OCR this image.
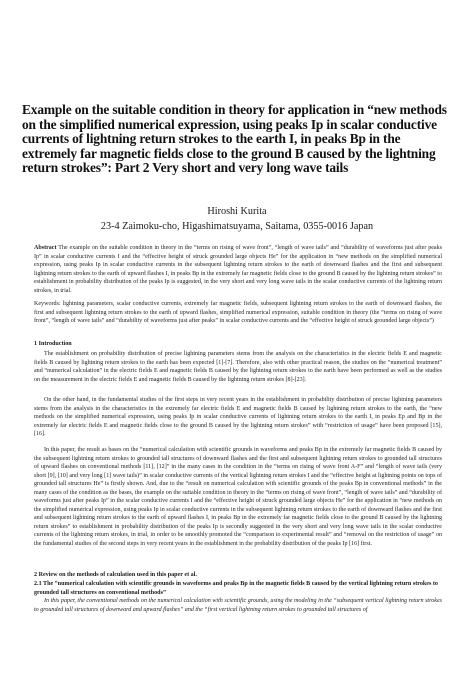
Example on the suitable condition in theory for application in “new methods on the simplified numerical expression, using peaks Ip in scalar conductive currents of lightning return strokes to the earth I, in peaks Bp in the extremely far magnetic fields close to the ground B caused by the lightning return strokes”: Part 2 Very short and very long wave tails

Hiroshi Kurita

23-4 Zaimoku-cho, Higashimatsuyama, Saitama, 0355-0016 Japan

Abstract The example on the suitable condition in theory in the “terms on rising of wave front”, “length of wave tails” and “durability of waveforms just after peaks Ip” in scalar conductive currents I and the “effective height of struck grounded large objects He” for the application in “new methods on the simplified numerical expression, using peaks Ip in scalar conductive currents in the subsequent lightning return strokes to the earth of downward flashes and the first and subsequent lightning return strokes to the earth of upward flashes I, in peaks Bp in the extremely far magnetic fields close to the ground B caused by the lightning return strokes” to establishment in probability distribution of the peaks Ip is suggested, in the very short and very long wave tails in the scalar conductive currents of the lightning return strokes, in trial.

Keywords: lightning parameters, scalar conductive currents, extremely far magnetic fields, subsequent lightning return strokes to the earth of downward flashes, the first and subsequent lightning return strokes to the earth of upward flashes, simplified numerical expression, suitable condition in theory (the “terms on rising of wave front”, “length of wave tails” and “durability of waveforms just after peaks” in scalar conductive currents and the “effective height of struck grounded large objects”)

1 Introduction

The establishment on probability distribution of precise lightning parameters stems from the analysis on the characteristics in the electric fields E and magnetic fields B caused by lightning return strokes to the earth has been expected [1]-[7]. Therefore, also with other practical reason, the studies on the “numerical treatment” and “numerical calculation” in the electric fields E and magnetic fields B caused by the lightning return strokes to the earth have been performed as well as the studies on the measurement in the electric fields E and magnetic fields B caused by the lightning return strokes [8]-[23].

On the other hand, in the fundamental studies of the first steps in very recent years in the establishment in probability distribution of precise lightning parameters stems from the analysis in the characteristics in the extremely far electric fields E and magnetic fields B caused by lightning return strokes to the earth, the “new methods on the simplified numerical expression, using peaks Ip in scalar conductive currents of lightning return strokes to the earth I, in peaks Ep and Bp in the extremely far electric fields E and magnetic fields close to the ground B caused by the lightning return strokes” with “restriction of usage” have been proposed [15], [16].

In this paper, the result as bases on the “numerical calculation with scientific grounds in waveforms and peaks Bp in the extremely far magnetic fields B caused by the subsequent lightning return strokes to grounded tall structures of downward flashes and the first and subsequent lightning return strokes to grounded tall structures of upward flashes on conventional methods [11], [12]” in the many cases in the condition in the “terms on rising of wave front A-F” and “length of wave tails (very short [9], [10] and very long [1] wave tails)” in scalar conductive currents of the vertical lightning return strokes I and the “effective height at lightning points on tops of grounded tall structures He” is firstly shown. And, due to the “result on numerical calculation with scientific grounds of the peaks Bp in conventional methods” in the many cases of the condition as the bases, the example on the suitable condition in theory in the “terms on rising of wave front”, “length of wave tails” and “durability of waveforms just after peaks Ip” in the scalar conductive currents I and the “effective height of struck grounded large objects He” for the application in “new methods on the simplified numerical expression, using peaks Ip in scalar conductive currents in the subsequent lightning return strokes to the earth of downward flashes and the first and subsequent lightning return strokes to the earth of upward flashes I, in peaks Bp in the extremely far magnetic fields close to the ground B caused by the lightning return strokes” to establishment in probability distribution of the peaks Ip is secondly suggested in the very short and very long wave tails in the scalar conductive currents of the lightning return strokes, in trial, in order to be smoothly promoted the “comparison to experimental result” and “removal on the restriction of usage” on the fundamental studies of the second steps in very recent years in the establishment in the probability distribution of the peaks Ip [16] first.

2 Review on the methods of calculation used in this paper et al.

2.1 The “numerical calculation with scientific grounds in waveforms and peaks Bp in the magnetic fields B caused by the vertical lightning return strokes to grounded tall structures on conventional methods”

In this paper, the conventional methods on the numerical calculation with scientific grounds, using the modeling in the “subsequent vertical lightning return strokes to grounded tall structures of downward and upward flashes” and the “first vertical lightning return strokes to grounded tall structures of
